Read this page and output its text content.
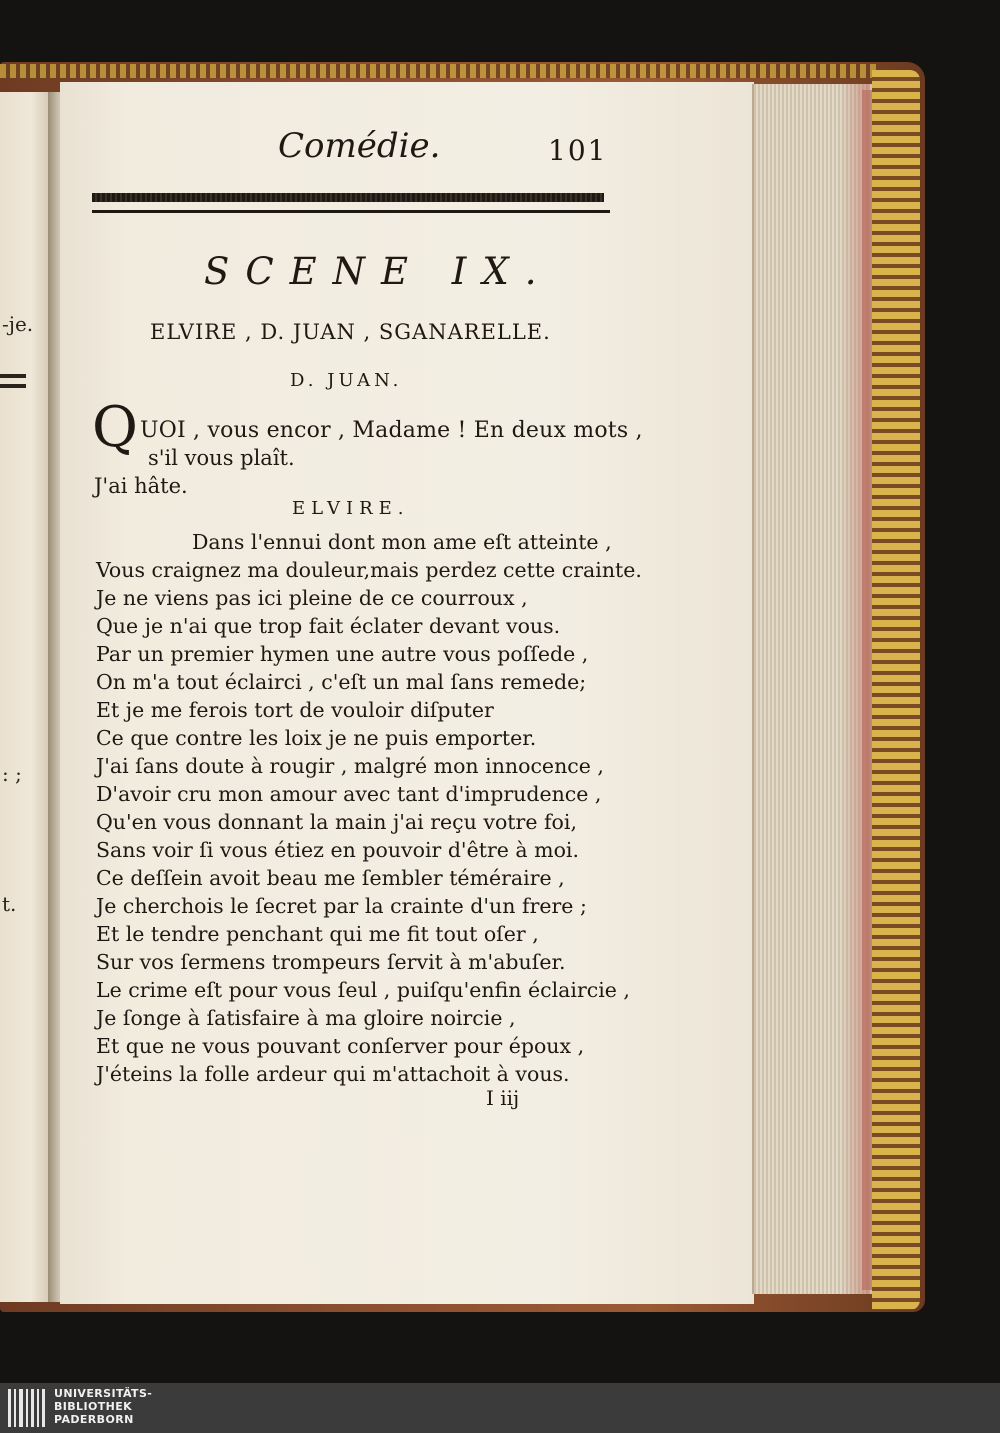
-je.
: ;
t.
Comédie.	101
SCENE IX.
ELVIRE , D. JUAN , SGANARELLE.
D. JUAN.
Q UOI , vous encor , Madame ! En deux mots ,
s'il vous plaît.
J'ai hâte.
ELVIRE.
Dans l'ennui dont mon ame eſt atteinte ,
Vous craignez ma douleur,mais perdez cette crainte.
Je ne viens pas ici pleine de ce courroux ,
Que je n'ai que trop fait éclater devant vous.
Par un premier hymen une autre vous poſſede ,
On m'a tout éclairci , c'eſt un mal ſans remede;
Et je me ferois tort de vouloir diſputer
Ce que contre les loix je ne puis emporter.
J'ai ſans doute à rougir , malgré mon innocence ,
D'avoir cru mon amour avec tant d'imprudence ,
Qu'en vous donnant la main j'ai reçu votre foi,
Sans voir ſi vous étiez en pouvoir d'être à moi.
Ce deſſein avoit beau me ſembler téméraire ,
Je cherchois le ſecret par la crainte d'un frere ;
Et le tendre penchant qui me fit tout oſer ,
Sur vos ſermens trompeurs ſervit à m'abuſer.
Le crime eſt pour vous ſeul , puiſqu'enfin éclaircie ,
Je ſonge à ſatisfaire à ma gloire noircie ,
Et que ne vous pouvant conſerver pour époux ,
J'éteins la folle ardeur qui m'attachoit à vous.
I iij
UNIVERSITÄTS-
BIBLIOTHEK
PADERBORN
